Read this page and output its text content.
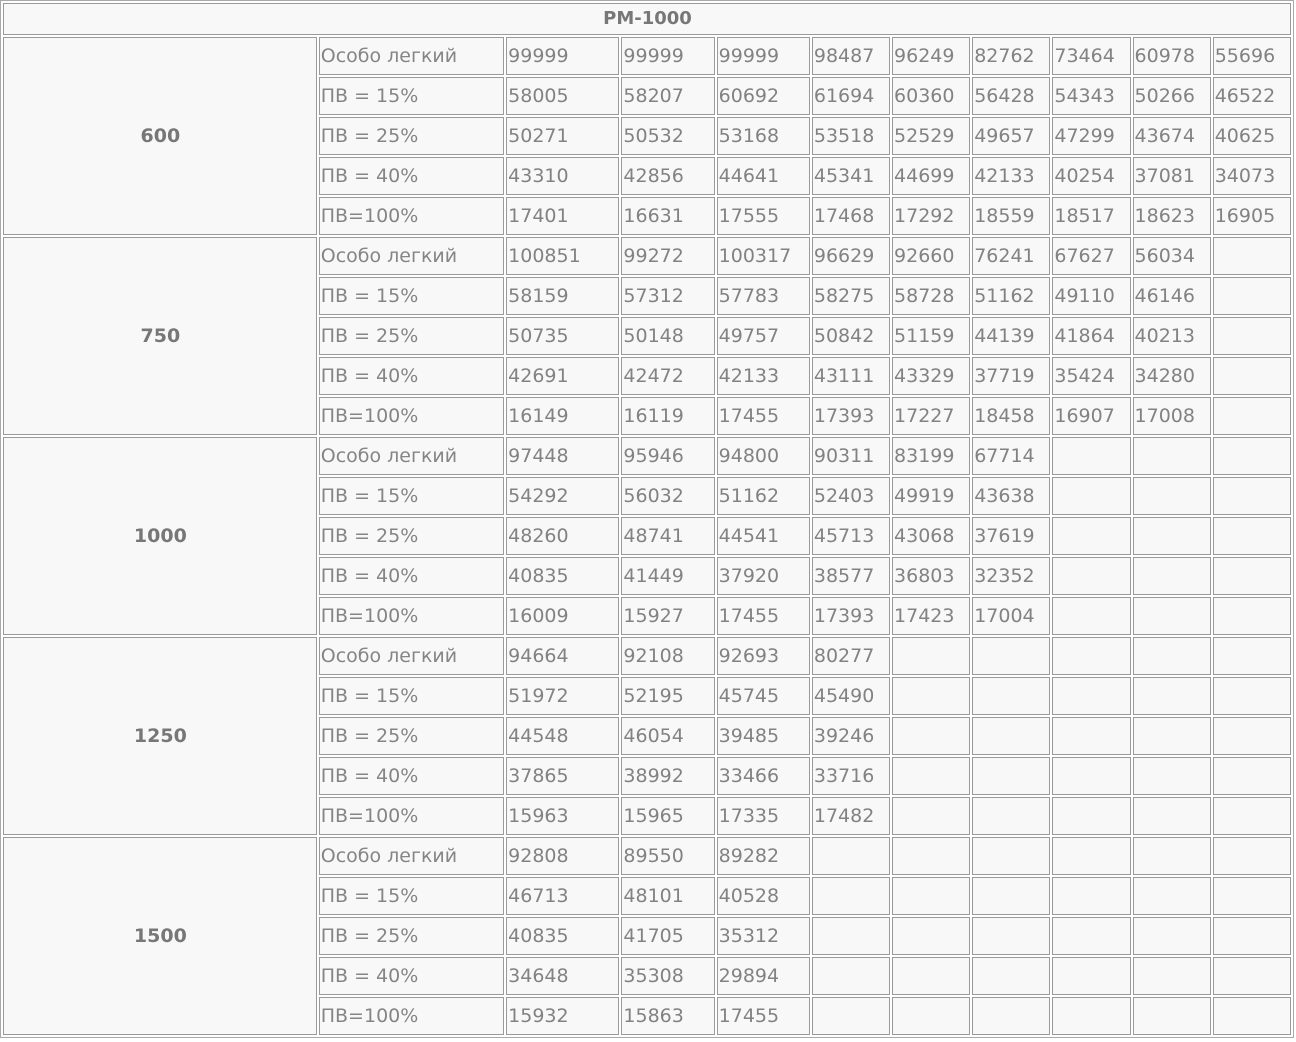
PM-1000										
600	Особо легкий	99999	99999	99999	98487	96249	82762	73464	60978	55696
	ПВ = 15%	58005	58207	60692	61694	60360	56428	54343	50266	46522
	ПВ = 25%	50271	50532	53168	53518	52529	49657	47299	43674	40625
	ПВ = 40%	43310	42856	44641	45341	44699	42133	40254	37081	34073
	ПВ=100%	17401	16631	17555	17468	17292	18559	18517	18623	16905
750	Особо легкий	100851	99272	100317	96629	92660	76241	67627	56034	
	ПВ = 15%	58159	57312	57783	58275	58728	51162	49110	46146	
	ПВ = 25%	50735	50148	49757	50842	51159	44139	41864	40213	
	ПВ = 40%	42691	42472	42133	43111	43329	37719	35424	34280	
	ПВ=100%	16149	16119	17455	17393	17227	18458	16907	17008	
1000	Особо легкий	97448	95946	94800	90311	83199	67714			
	ПВ = 15%	54292	56032	51162	52403	49919	43638			
	ПВ = 25%	48260	48741	44541	45713	43068	37619			
	ПВ = 40%	40835	41449	37920	38577	36803	32352			
	ПВ=100%	16009	15927	17455	17393	17423	17004			
1250	Особо легкий	94664	92108	92693	80277					
	ПВ = 15%	51972	52195	45745	45490					
	ПВ = 25%	44548	46054	39485	39246					
	ПВ = 40%	37865	38992	33466	33716					
	ПВ=100%	15963	15965	17335	17482					
1500	Особо легкий	92808	89550	89282						
	ПВ = 15%	46713	48101	40528						
	ПВ = 25%	40835	41705	35312						
	ПВ = 40%	34648	35308	29894						
	ПВ=100%	15932	15863	17455						
